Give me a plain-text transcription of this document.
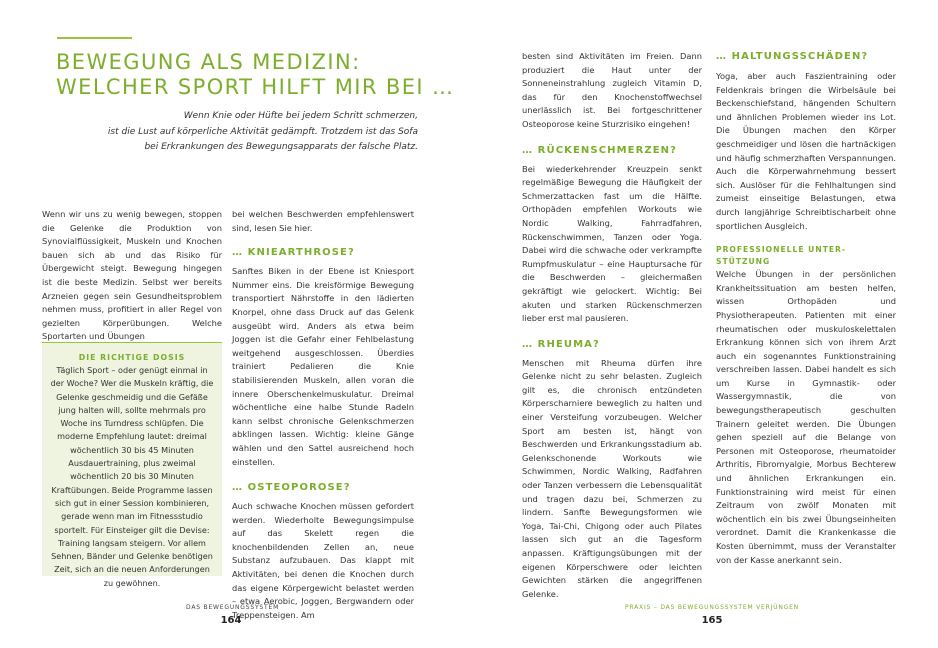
BEWEGUNG ALS MEDIZIN:
WELCHER SPORT HILFT MIR BEI …
Wenn Knie oder Hüfte bei jedem Schritt schmerzen,
ist die Lust auf körperliche Aktivität gedämpft. Trotzdem ist das Sofa
bei Erkrankungen des Bewegungsapparats der falsche Platz.

Wenn wir uns zu wenig bewegen, stoppen die Gelenke die Produktion von Synovialflüssigkeit, Muskeln und Knochen bauen sich ab und das Risiko für Übergewicht steigt. Bewegung hingegen ist die beste Medizin. Selbst wer bereits Arzneien gegen sein Gesundheitsproblem nehmen muss, profitiert in aller Regel von gezielten Körperübungen. Welche Sportarten und Übungen

DIE RICHTIGE DOSIS

Täglich Sport – oder genügt einmal in der Woche? Wer die Muskeln kräftig, die Gelenke geschmeidig und die Gefäße jung halten will, sollte mehrmals pro Woche ins Turndress schlüpfen. Die moderne Empfehlung lautet: dreimal wöchentlich 30 bis 45 Minuten Ausdauertraining, plus zweimal wöchentlich 20 bis 30 Minuten Kraftübungen. Beide Programme lassen sich gut in einer Session kombinieren, gerade wenn man im Fitnessstudio sportelt. Für Einsteiger gilt die Devise: Training langsam steigern. Vor allem Sehnen, Bänder und Gelenke benötigen Zeit, sich an die neuen Anforderungen zu gewöhnen.

bei welchen Beschwerden empfehlenswert sind, lesen Sie hier.

… KNIEARTHROSE?

Sanftes Biken in der Ebene ist Kniesport Nummer eins. Die kreisförmige Bewegung transportiert Nährstoffe in den lädierten Knorpel, ohne dass Druck auf das Gelenk ausgeübt wird. Anders als etwa beim Joggen ist die Gefahr einer Fehlbelastung weitgehend ausgeschlossen. Überdies trainiert Pedalieren die Knie stabilisierenden Muskeln, allen voran die innere Oberschenkelmuskulatur. Dreimal wöchentliche eine halbe Stunde Radeln kann selbst chronische Gelenkschmerzen abklingen lassen. Wichtig: kleine Gänge wählen und den Sattel ausreichend hoch einstellen.

… OSTEOPOROSE?

Auch schwache Knochen müssen gefordert werden. Wiederholte Bewegungsimpulse auf das Skelett regen die knochenbildenden Zellen an, neue Substanz aufzubauen. Das klappt mit Aktivitäten, bei denen die Knochen durch das eigene Körpergewicht belastet werden – etwa Aerobic, Joggen, Bergwandern oder Treppensteigen. Am

DAS BEWEGUNGSSYSTEM
164

besten sind Aktivitäten im Freien. Dann produziert die Haut unter der Sonneneinstrahlung zugleich Vitamin D, das für den Knochenstoffwechsel unerlässlich ist. Bei fortgeschrittener Osteoporose keine Sturzrisiko eingehen!

… RÜCKENSCHMERZEN?

Bei wiederkehrender Kreuzpein senkt regelmäßige Bewegung die Häufigkeit der Schmerzattacken fast um die Hälfte. Orthopäden empfehlen Workouts wie Nordic Walking, Fahrradfahren, Rückenschwimmen, Tanzen oder Yoga. Dabei wird die schwache oder verkrampfte Rumpfmuskulatur – eine Hauptursache für die Beschwerden – gleichermaßen gekräftigt wie gelockert. Wichtig: Bei akuten und starken Rückenschmerzen lieber erst mal pausieren.

… RHEUMA?

Menschen mit Rheuma dürfen ihre Gelenke nicht zu sehr belasten. Zugleich gilt es, die chronisch entzündeten Körperscharniere beweglich zu halten und einer Versteifung vorzubeugen. Welcher Sport am besten ist, hängt von Beschwerden und Erkrankungsstadium ab. Gelenkschonende Workouts wie Schwimmen, Nordic Walking, Radfahren oder Tanzen verbessern die Lebensqualität und tragen dazu bei, Schmerzen zu lindern. Sanfte Bewegungsformen wie Yoga, Tai-Chi, Chigong oder auch Pilates lassen sich gut an die Tagesform anpassen. Kräftigungsübungen mit der eigenen Körperschwere oder leichten Gewichten stärken die angegriffenen Gelenke.

… HALTUNGSSCHÄDEN?

Yoga, aber auch Faszientraining oder Feldenkrais bringen die Wirbelsäule bei Beckenschiefstand, hängenden Schultern und ähnlichen Problemen wieder ins Lot. Die Übungen machen den Körper geschmeidiger und lösen die hartnäckigen und häufig schmerzhaften Verspannungen. Auch die Körperwahrnehmung bessert sich. Auslöser für die Fehlhaltungen sind zumeist einseitige Belastungen, etwa durch langjährige Schreibtischarbeit ohne sportlichen Ausgleich.

PROFESSIONELLE UNTER-

STÜTZUNG

Welche Übungen in der persönlichen Krankheitssituation am besten helfen, wissen Orthopäden und Physiotherapeuten. Patienten mit einer rheumatischen oder muskuloskelettalen Erkrankung können sich von ihrem Arzt auch ein sogenanntes Funktionstraining verschreiben lassen. Dabei handelt es sich um Kurse in Gymnastik- oder Wassergymnastik, die von bewegungstherapeutisch geschulten Trainern geleitet werden. Die Übungen gehen speziell auf die Belange von Personen mit Osteoporose, rheumatoider Arthritis, Fibromyalgie, Morbus Bechterew und ähnlichen Erkrankungen ein. Funktionstraining wird meist für einen Zeitraum von zwölf Monaten mit wöchentlich ein bis zwei Übungseinheiten verordnet. Damit die Krankenkasse die Kosten übernimmt, muss der Veranstalter von der Kasse anerkannt sein.

PRAXIS – DAS BEWEGUNGSSYSTEM VERJÜNGEN
165
